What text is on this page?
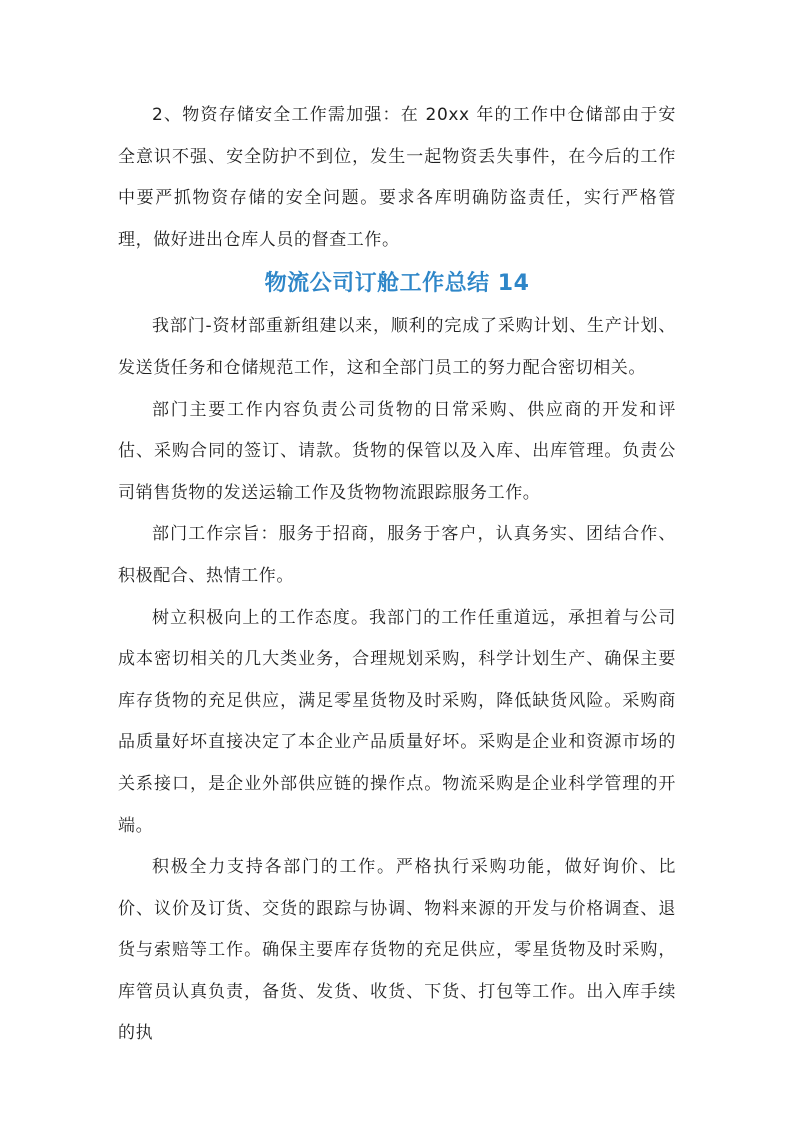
2、物资存储安全工作需加强：在 20xx 年的工作中仓储部由于安全意识不强、安全防护不到位，发生一起物资丢失事件，在今后的工作中要严抓物资存储的安全问题。要求各库明确防盗责任，实行严格管理，做好进出仓库人员的督查工作。

物流公司订舱工作总结 14

我部门-资材部重新组建以来，顺利的完成了采购计划、生产计划、发送货任务和仓储规范工作，这和全部门员工的努力配合密切相关。

部门主要工作内容负责公司货物的日常采购、供应商的开发和评估、采购合同的签订、请款。货物的保管以及入库、出库管理。负责公司销售货物的发送运输工作及货物物流跟踪服务工作。

部门工作宗旨：服务于招商，服务于客户，认真务实、团结合作、积极配合、热情工作。

树立积极向上的工作态度。我部门的工作任重道远，承担着与公司成本密切相关的几大类业务，合理规划采购，科学计划生产、确保主要库存货物的充足供应，满足零星货物及时采购，降低缺货风险。采购商品质量好坏直接决定了本企业产品质量好坏。采购是企业和资源市场的关系接口，是企业外部供应链的操作点。物流采购是企业科学管理的开端。

积极全力支持各部门的工作。严格执行采购功能，做好询价、比价、议价及订货、交货的跟踪与协调、物料来源的开发与价格调查、退货与索赔等工作。确保主要库存货物的充足供应，零星货物及时采购，库管员认真负责，备货、发货、收货、下货、打包等工作。出入库手续的执
